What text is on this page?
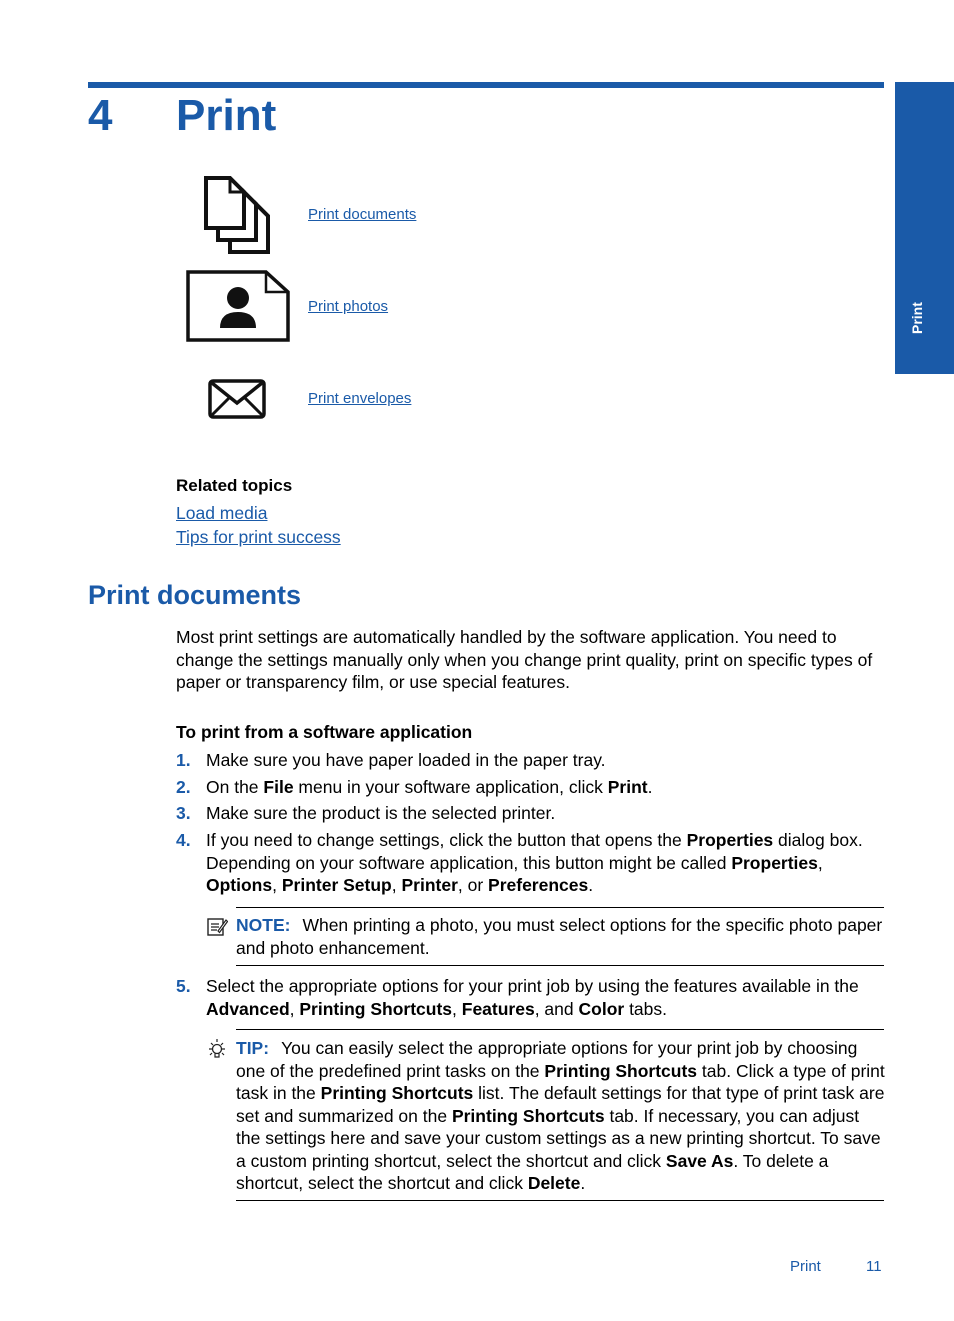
4 Print
Print
Print documents
Print photos
Print envelopes
Related topics
Load media
Tips for print success
Print documents
Most print settings are automatically handled by the software application. You need to change the settings manually only when you change print quality, print on specific types of paper or transparency film, or use special features.
To print from a software application
1. Make sure you have paper loaded in the paper tray.
2. On the File menu in your software application, click Print.
3. Make sure the product is the selected printer.
4. If you need to change settings, click the button that opens the Properties dialog box. Depending on your software application, this button might be called Properties, Options, Printer Setup, Printer, or Preferences.
NOTE: When printing a photo, you must select options for the specific photo paper and photo enhancement.
5. Select the appropriate options for your print job by using the features available in the Advanced, Printing Shortcuts, Features, and Color tabs.
TIP: You can easily select the appropriate options for your print job by choosing one of the predefined print tasks on the Printing Shortcuts tab. Click a type of print task in the Printing Shortcuts list. The default settings for that type of print task are set and summarized on the Printing Shortcuts tab. If necessary, you can adjust the settings here and save your custom settings as a new printing shortcut. To save a custom printing shortcut, select the shortcut and click Save As. To delete a shortcut, select the shortcut and click Delete.
Print	11
